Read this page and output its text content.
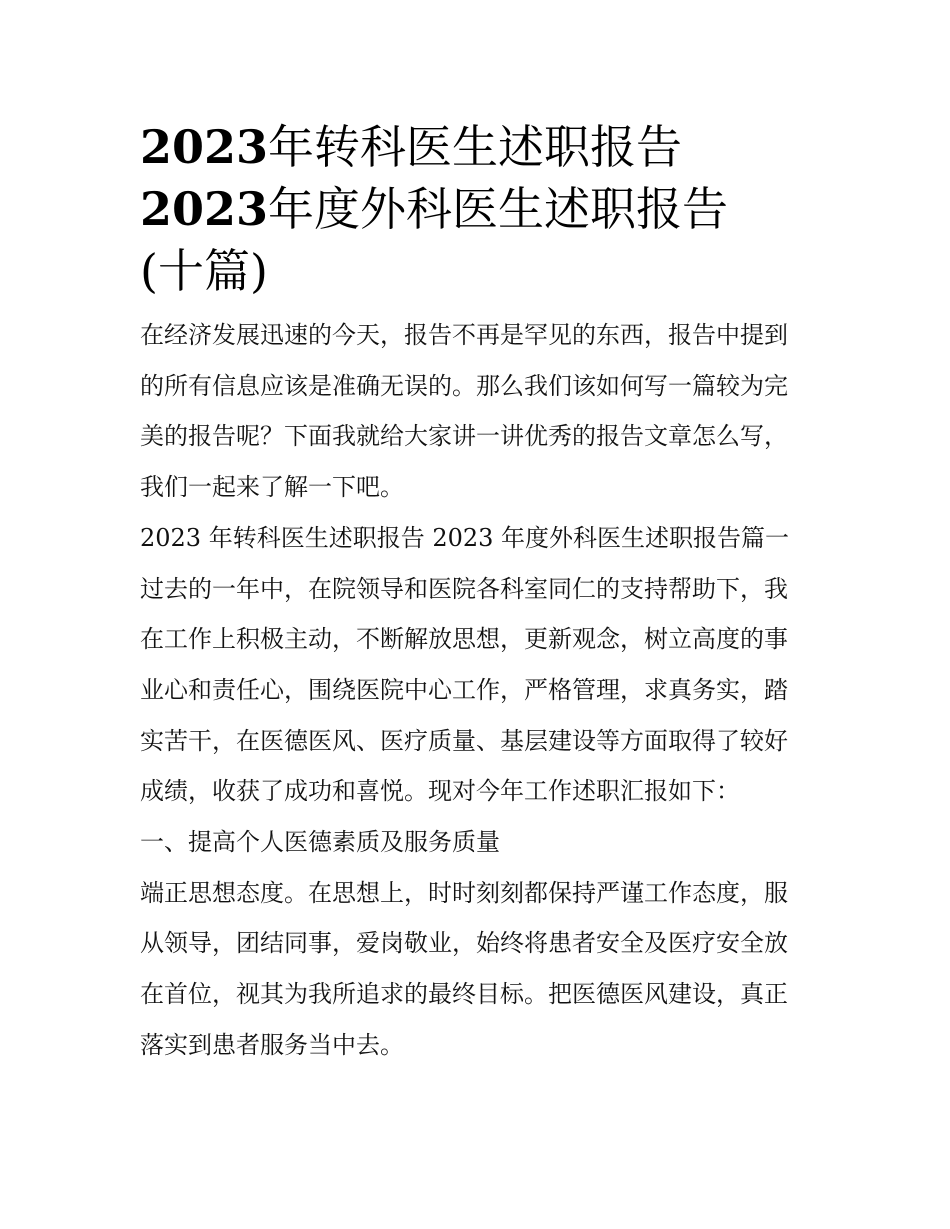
2023年转科医生述职报告
2023年度外科医生述职报告
(十篇)

在经济发展迅速的今天，报告不再是罕见的东西，报告中提到

的所有信息应该是准确无误的。那么我们该如何写一篇较为完

美的报告呢？下面我就给大家讲一讲优秀的报告文章怎么写，

我们一起来了解一下吧。

2023 年转科医生述职报告 2023 年度外科医生述职报告篇一

过去的一年中，在院领导和医院各科室同仁的支持帮助下，我

在工作上积极主动，不断解放思想，更新观念，树立高度的事

业心和责任心，围绕医院中心工作，严格管理，求真务实，踏

实苦干，在医德医风、医疗质量、基层建设等方面取得了较好

成绩，收获了成功和喜悦。现对今年工作述职汇报如下：

一、提高个人医德素质及服务质量

端正思想态度。在思想上，时时刻刻都保持严谨工作态度，服

从领导，团结同事，爱岗敬业，始终将患者安全及医疗安全放

在首位，视其为我所追求的最终目标。把医德医风建设，真正

落实到患者服务当中去。
